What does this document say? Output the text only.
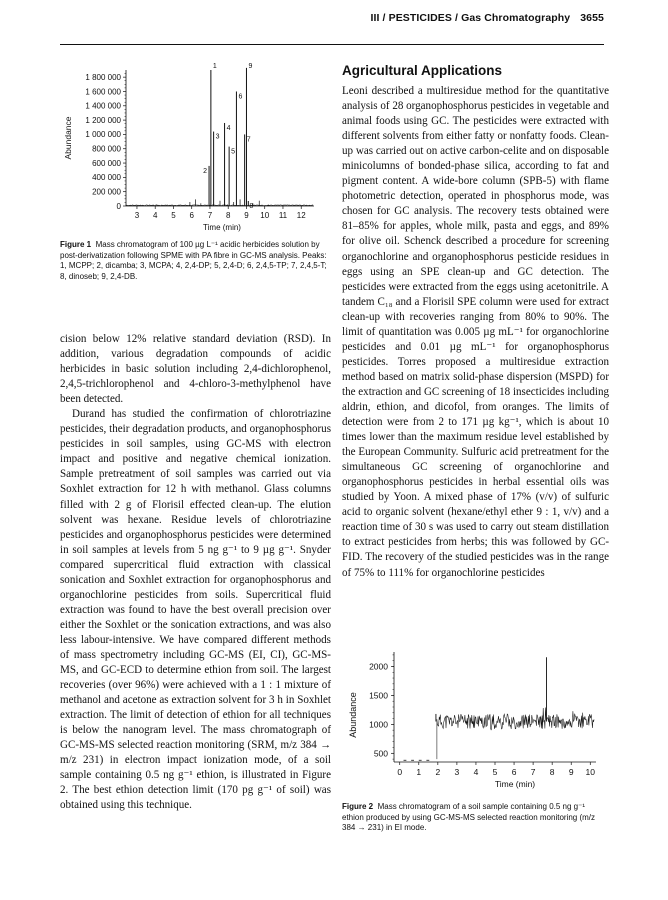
III / PESTICIDES / Gas Chromatography 3655
0
200 000
400 000
600 000
800 000
1 000 000
1 200 000
1 400 000
1 600 000
1 800 000
3 4 5 6 7 8 9 10 11 12
Time (min)
Abundance
1
2
3
4
5
6
7
8
9
Figure 1 Mass chromatogram of 100 µg L⁻¹ acidic herbicides solution by post-derivatization following SPME with PA fibre in GC-MS analysis. Peaks: 1, MCPP; 2, dicamba; 3, MCPA; 4, 2,4-DP; 5, 2,4-D; 6, 2,4,5-TP; 7, 2,4,5-T; 8, dinoseb; 9, 2,4-DB.

cision below 12% relative standard deviation (RSD). In addition, various degradation compounds of acidic herbicides in basic solution including 2,4-dichlorophenol, 2,4,5-trichlorophenol and 4-chloro-3-methylphenol have been detected.

Durand has studied the confirmation of chlorotriazine pesticides, their degradation products, and organophosphorus pesticides in soil samples, using GC-MS with electron impact and positive and negative chemical ionization. Sample pretreatment of soil samples was carried out via Soxhlet extraction for 12 h with methanol. Glass columns filled with 2 g of Florisil effected clean-up. The elution solvent was hexane. Residue levels of chlorotriazine pesticides and organophosphorus pesticides were determined in soil samples at levels from 5 ng g⁻¹ to 9 µg g⁻¹. Snyder compared supercritical fluid extraction with classical sonication and Soxhlet extraction for organophosphorus and organochlorine pesticides from soils. Supercritical fluid extraction was found to have the best overall precision over either the Soxhlet or the sonication extractions, and was also less labour-intensive. We have compared different methods of mass spectrometry including GC-MS (EI, CI), GC-MS-MS, and GC-ECD to determine ethion from soil. The largest recoveries (over 96%) were achieved with a 1 : 1 mixture of methanol and acetone as extraction solvent for 3 h in Soxhlet extraction. The limit of detection of ethion for all techniques is below the nanogram level. The mass chromatograph of GC-MS-MS selected reaction monitoring (SRM, m/z 384 → m/z 231) in electron impact ionization mode, of a soil sample containing 0.5 ng g⁻¹ ethion, is illustrated in Figure 2. The best ethion detection limit (170 pg g⁻¹ of soil) was obtained using this technique.

Agricultural Applications

Leoni described a multiresidue method for the quantitative analysis of 28 organophosphorus pesticides in vegetable and animal foods using GC. The pesticides were extracted with different solvents from either fatty or nonfatty foods. Clean-up was carried out on active carbon-celite and on disposable minicolumns of bonded-phase silica, according to fat and pigment content. A wide-bore column (SPB-5) with flame photometric detection, operated in phosphorus mode, was chosen for GC analysis. The recovery tests obtained were 81–85% for apples, whole milk, pasta and eggs, and 89% for olive oil. Schenck described a procedure for screening organochlorine and organophosphorus pesticide residues in eggs using an SPE clean-up and GC detection. The pesticides were extracted from the eggs using acetonitrile. A tandem C₁₈ and a Florisil SPE column were used for extract clean-up with recoveries ranging from 80% to 90%. The limit of quantitation was 0.005 µg mL⁻¹ for organochlorine pesticides and 0.01 µg mL⁻¹ for organophosphorus pesticides. Torres proposed a multiresidue extraction method based on matrix solid-phase dispersion (MSPD) for the extraction and GC screening of 18 insecticides including aldrin, ethion, and dicofol, from oranges. The limits of detection were from 2 to 171 µg kg⁻¹, which is about 10 times lower than the maximum residue level established by the European Community. Sulfuric acid pretreatment for the simultaneous GC screening of organochlorine and organophosphorus pesticides in herbal essential oils was studied by Yoon. A mixed phase of 17% (v/v) of sulfuric acid to organic solvent (hexane/ethyl ether 9 : 1, v/v) and a reaction time of 30 s was used to carry out steam distillation to extract pesticides from herbs; this was followed by GC-FID. The recovery of the studied pesticides was in the range of 75% to 111% for organochlorine pesticides

500
1000
1500
2000
0 1 2 3 4 5 6 7 8 9 10
Time (min)
Abundance
Figure 2 Mass chromatogram of a soil sample containing 0.5 ng g⁻¹ ethion produced by using GC-MS-MS selected reaction monitoring (m/z 384 → 231) in EI mode.
